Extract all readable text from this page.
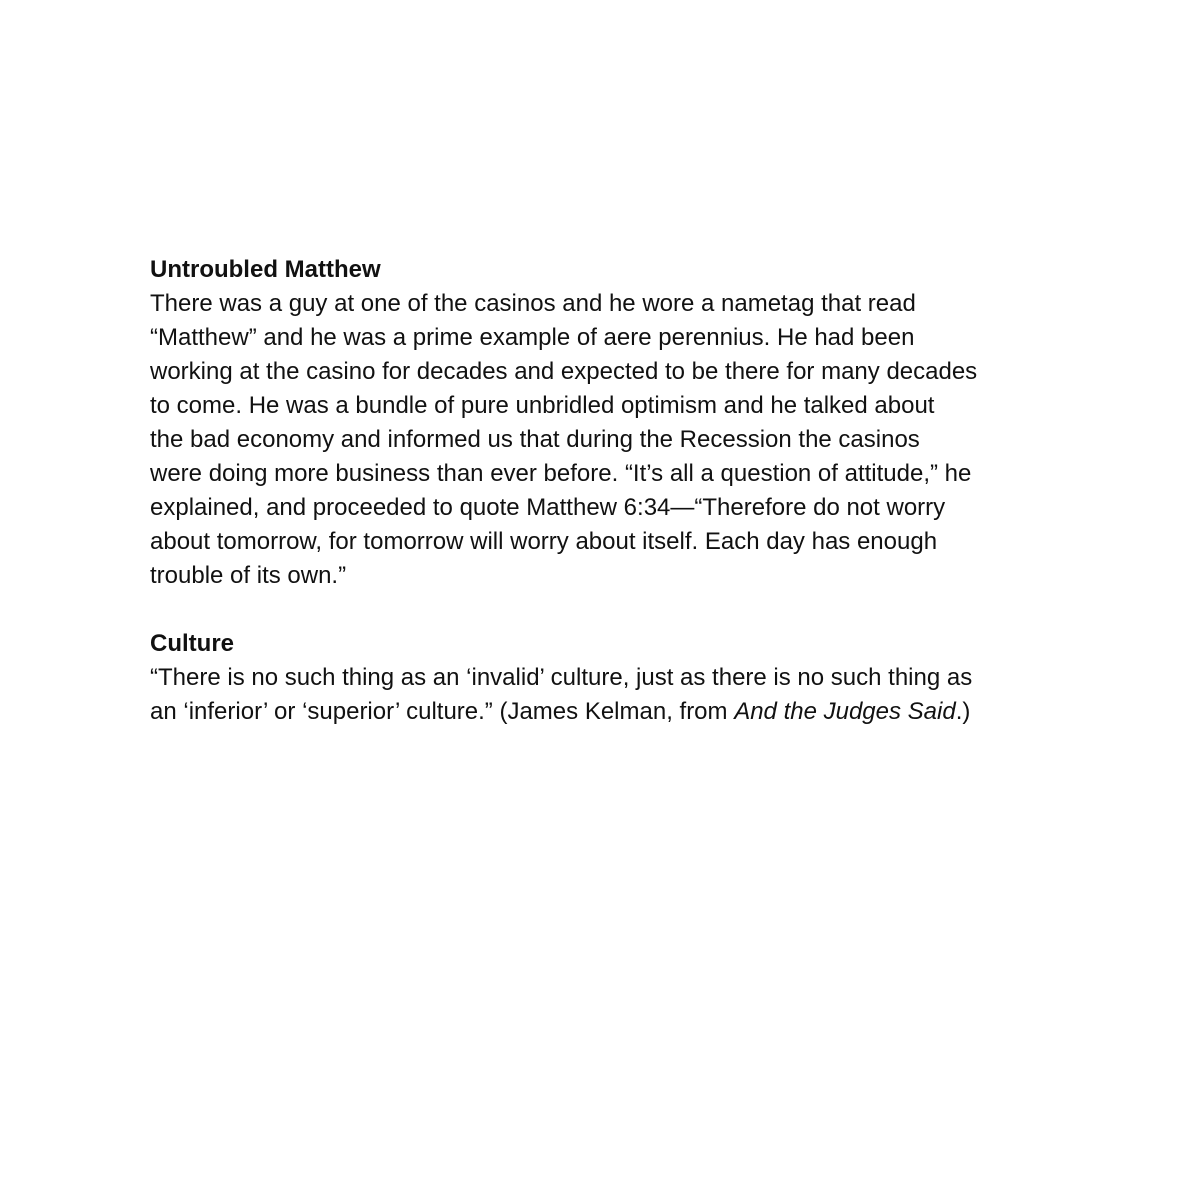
Untroubled Matthew
There was a guy at one of the casinos and he wore a nametag that read
“Matthew” and he was a prime example of aere perennius. He had been
working at the casino for decades and expected to be there for many decades
to come. He was a bundle of pure unbridled optimism and he talked about
the bad economy and informed us that during the Recession the casinos
were doing more business than ever before. “It’s all a question of attitude,” he
explained, and proceeded to quote Matthew 6:34—“Therefore do not worry
about tomorrow, for tomorrow will worry about itself. Each day has enough
trouble of its own.”
Culture
“There is no such thing as an ‘invalid’ culture, just as there is no such thing as
an ‘inferior’ or ‘superior’ culture.” (James Kelman, from And the Judges Said.)
